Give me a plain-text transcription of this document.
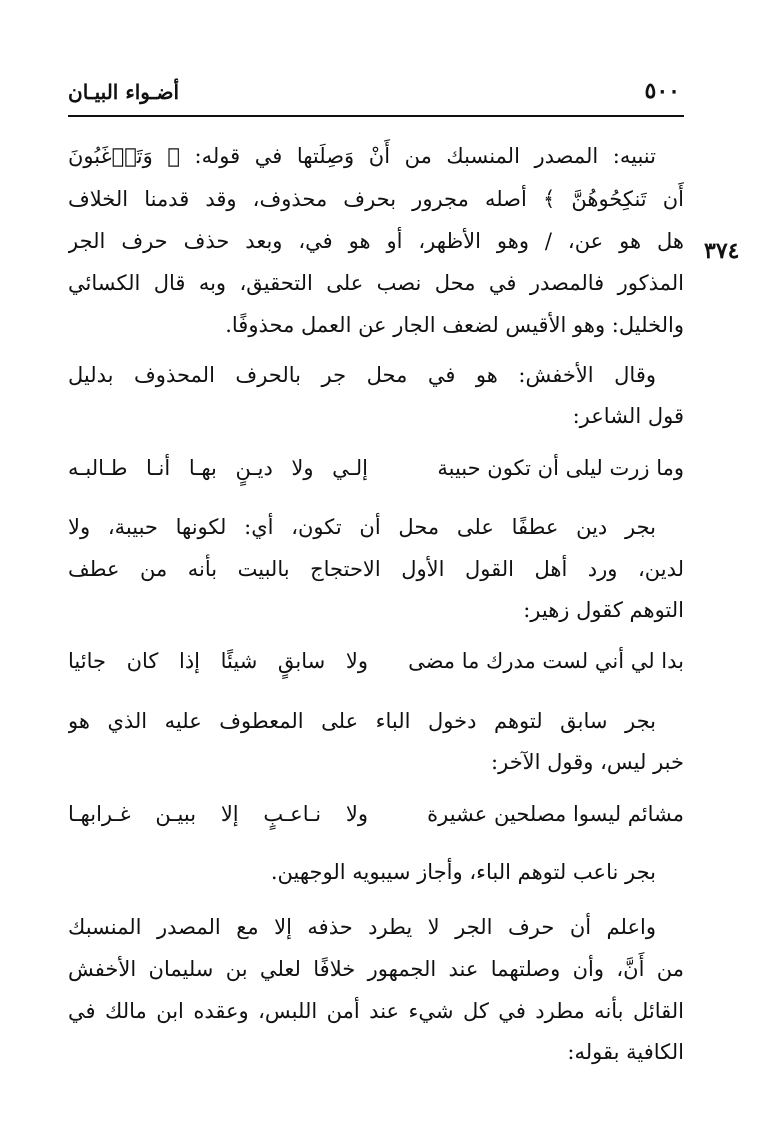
أضـواء البيـان	٥٠٠
٣٧٤
تنبيه: المصدر المنسبك من أَنْ وَصِلَتها في قوله: ﴿ وَتَرۡغَبُونَ
أَن تَنكِحُوهُنَّ ﴾ أصله مجرور بحرف محذوف، وقد قدمنا الخلاف
هل هو عن، / وهو الأظهر، أو هو في، وبعد حذف حرف الجر
المذكور فالمصدر في محل نصب على التحقيق، وبه قال الكسائي
والخليل: وهو الأقيس لضعف الجار عن العمل محذوفًا.
وقال الأخفش: هو في محل جر بالحرف المحذوف بدليل
قول الشاعر:
وما زرت ليلى أن تكون حبيبة
إلـي ولا ديـنٍ بهـا أنـا طـالبـه
بجر دين عطفًا على محل أن تكون، أي: لكونها حبيبة، ولا
لدين، ورد أهل القول الأول الاحتجاج بالبيت بأنه من عطف
التوهم كقول زهير:
بدا لي أني لست مدرك ما مضى
ولا سابقٍ شيئًا إذا كان جائيا
بجر سابق لتوهم دخول الباء على المعطوف عليه الذي هو
خبر ليس، وقول الآخر:
مشائم ليسوا مصلحين عشيرة
ولا نـاعـبٍ إلا ببيـن غـرابهـا
بجر ناعب لتوهم الباء، وأجاز سيبويه الوجهين.
واعلم أن حرف الجر لا يطرد حذفه إلا مع المصدر المنسبك
من أَنَّ، وأن وصلتهما عند الجمهور خلافًا لعلي بن سليمان الأخفش
القائل بأنه مطرد في كل شيء عند أمن اللبس، وعقده ابن مالك في
الكافية بقوله:
